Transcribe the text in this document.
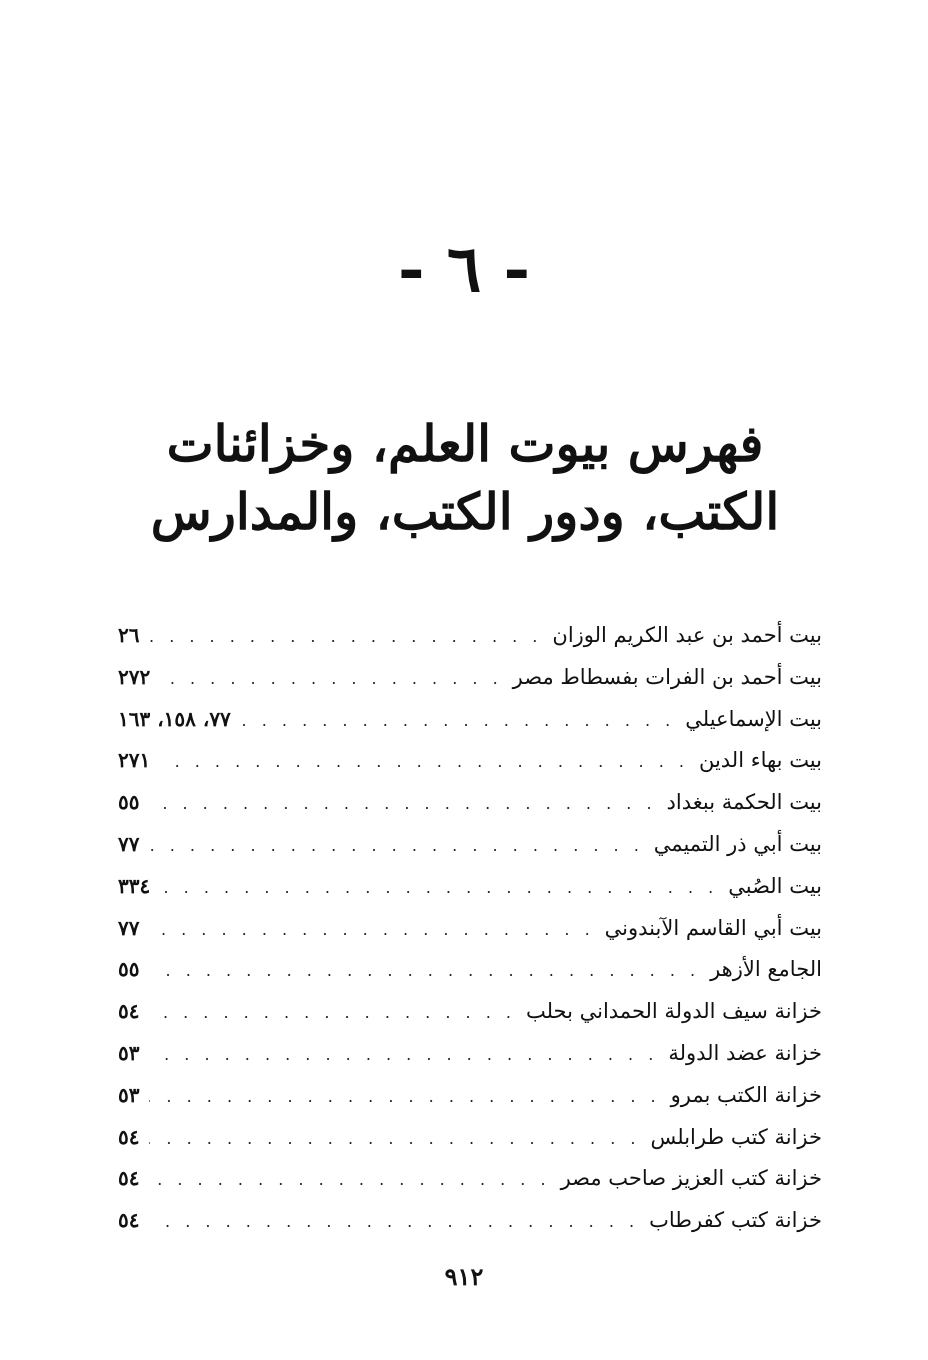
- ٦ -
فهرس بيوت العلم، وخزائنات الكتب، ودور الكتب، والمدارس
بيت أحمد بن عبد الكريم الوزان
. . .
٢٦
بيت أحمد بن الفرات بفسطاط مصر
. . .
٢٧٢
بيت الإسماعيلي
. . .
٧٧، ١٥٨، ١٦٣
بيت بهاء الدين
. . .
٢٧١
بيت الحكمة ببغداد
. . .
٥٥
بيت أبي ذر التميمي
. . .
٧٧
بيت الصُبي
. . .
٣٣٤
بيت أبي القاسم الآبندوني
. . .
٧٧
الجامع الأزهر
. . .
٥٥
خزانة سيف الدولة الحمداني بحلب
. . .
٥٤
خزانة عضد الدولة
. . .
٥٣
خزانة الكتب بمرو
. . .
٥٣
خزانة كتب طرابلس
. . .
٥٤
خزانة كتب العزيز صاحب مصر
. . .
٥٤
خزانة كتب كفرطاب
. . .
٥٤
٩١٢
